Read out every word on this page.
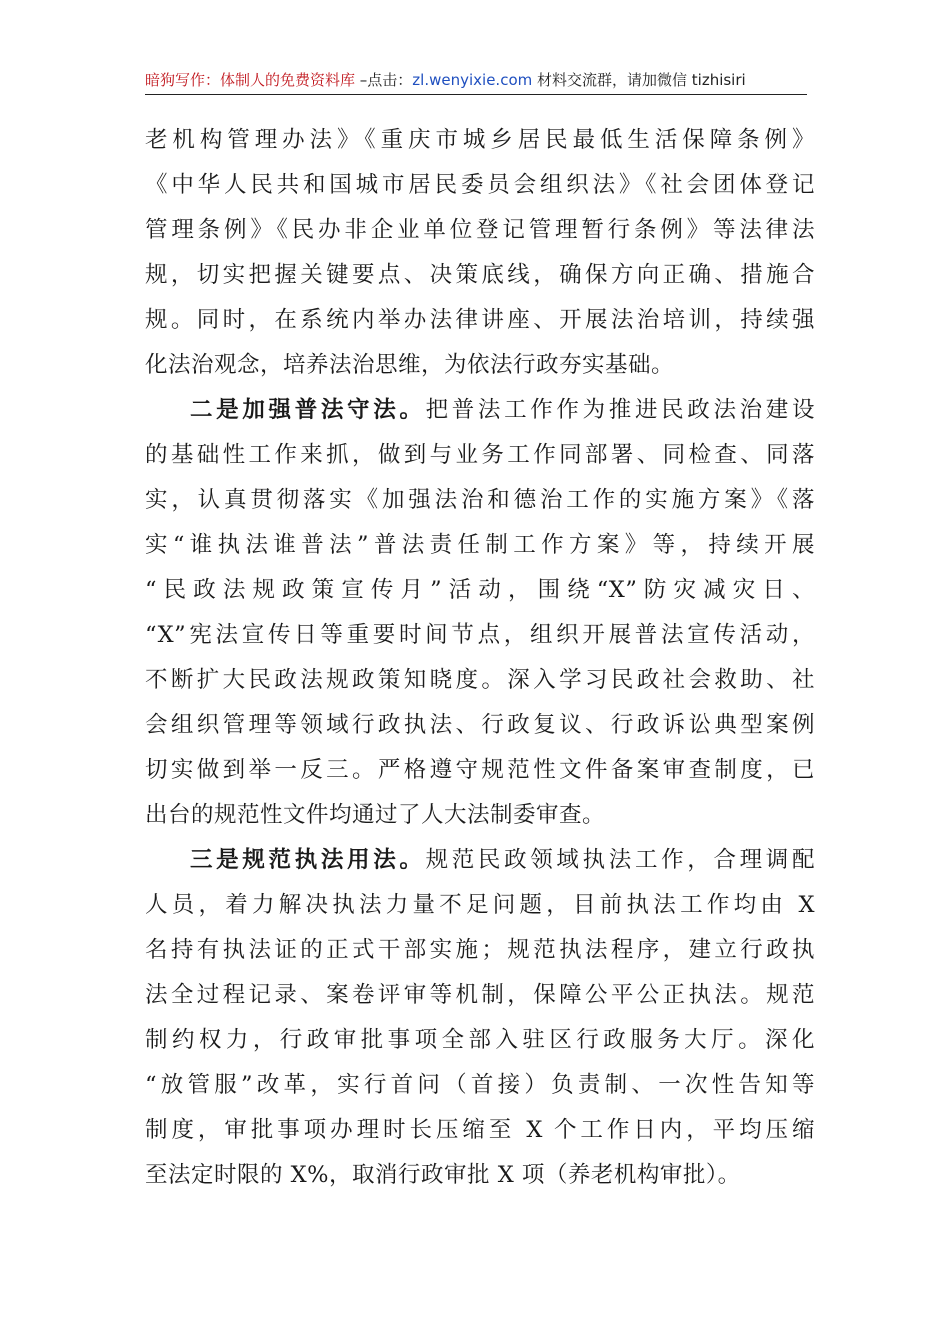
暗狗写作：体制人的免费资料库 –点击：zl.wenyixie.com 材料交流群，请加微信 tizhisiri
老机构管理办法》《重庆市城乡居民最低生活保障条例》
《中华人民共和国城市居民委员会组织法》《社会团体登记
管理条例》《民办非企业单位登记管理暂行条例》等法律法
规，切实把握关键要点、决策底线，确保方向正确、措施合
规。同时，在系统内举办法律讲座、开展法治培训，持续强
化法治观念，培养法治思维，为依法行政夯实基础。
二是加强普法守法。把普法工作作为推进民政法治建设
的基础性工作来抓，做到与业务工作同部署、同检查、同落
实，认真贯彻落实《加强法治和德治工作的实施方案》《落
实“谁执法谁普法”普法责任制工作方案》等，持续开展
“民政法规政策宣传月”活动，围绕“X”防灾减灾日、
“X”宪法宣传日等重要时间节点，组织开展普法宣传活动，
不断扩大民政法规政策知晓度。深入学习民政社会救助、社
会组织管理等领域行政执法、行政复议、行政诉讼典型案例
切实做到举一反三。严格遵守规范性文件备案审查制度，已
出台的规范性文件均通过了人大法制委审查。
三是规范执法用法。规范民政领域执法工作，合理调配
人员，着力解决执法力量不足问题，目前执法工作均由 X
名持有执法证的正式干部实施；规范执法程序，建立行政执
法全过程记录、案卷评审等机制，保障公平公正执法。规范
制约权力，行政审批事项全部入驻区行政服务大厅。深化
“放管服”改革，实行首问（首接）负责制、一次性告知等
制度，审批事项办理时长压缩至 X 个工作日内，平均压缩
至法定时限的 X%，取消行政审批 X 项（养老机构审批）。
